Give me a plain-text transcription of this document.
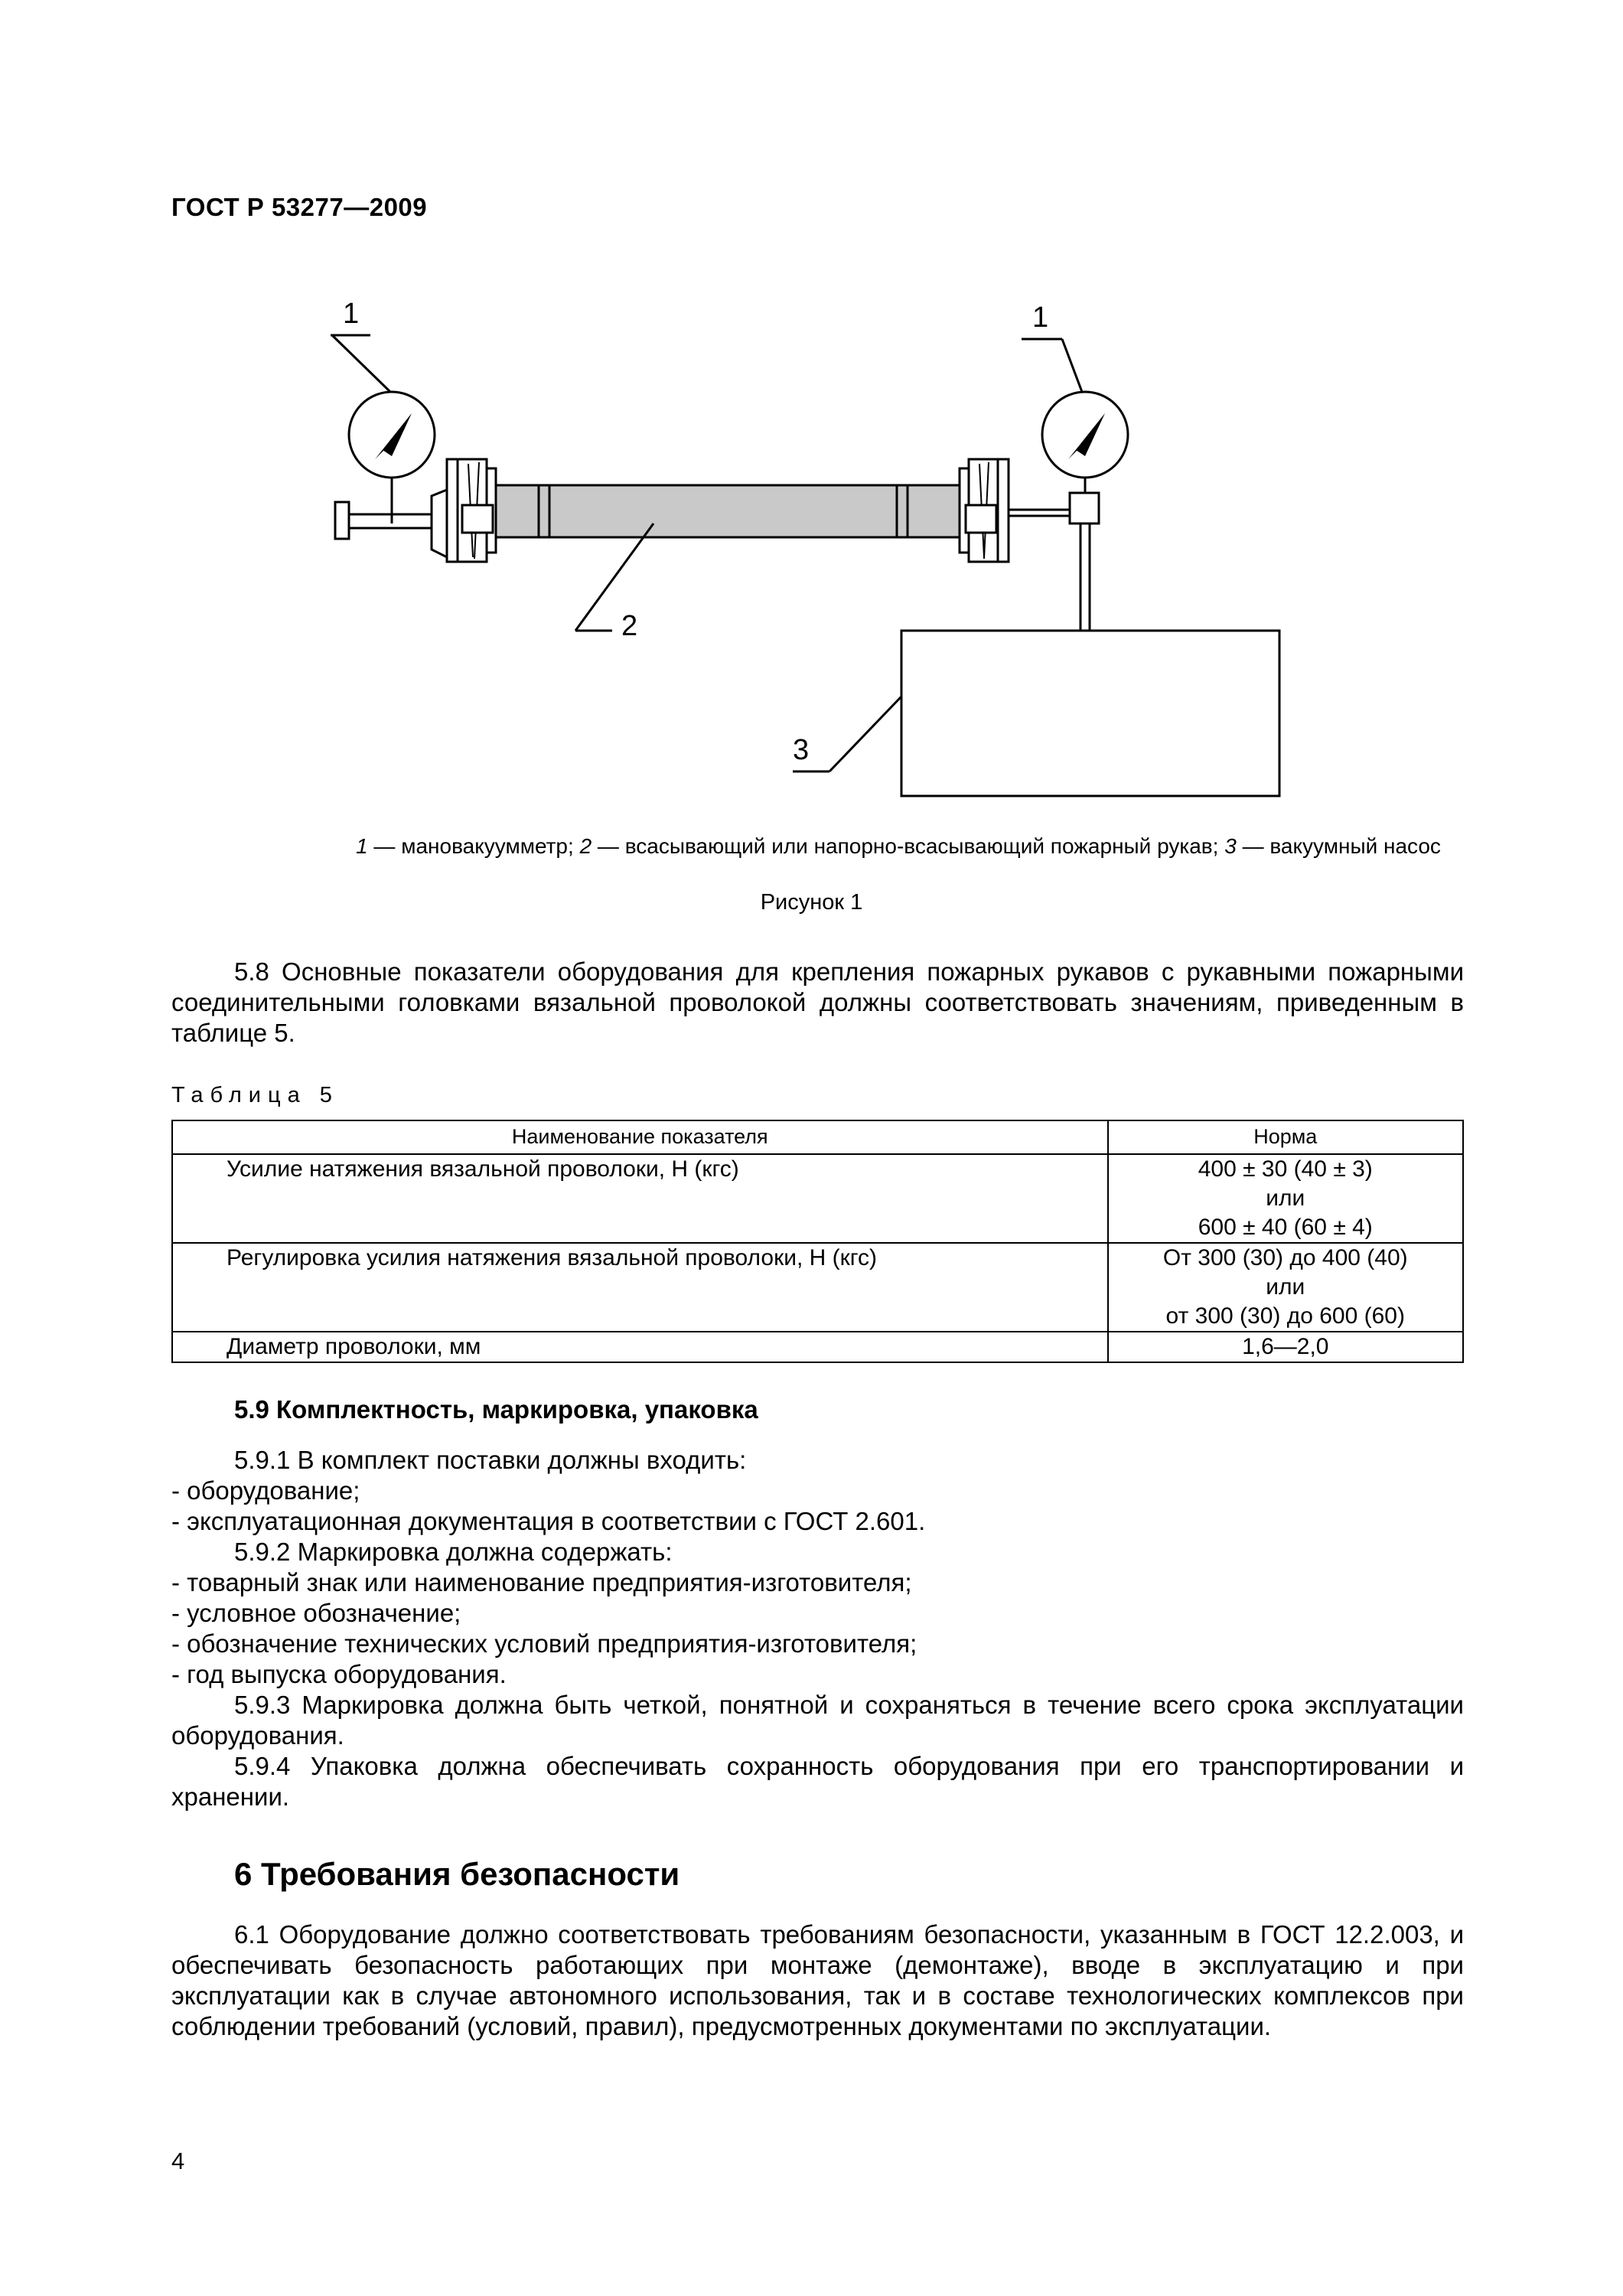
ГОСТ Р 53277—2009
1	1
2
3
1 — мановакуумметр; 2 — всасывающий или напорно-всасывающий пожарный рукав; 3 — вакуумный насос
Рисунок 1

5.8 Основные показатели оборудования для крепления пожарных рукавов с рукавными пожарными соединительными головками вязальной проволокой должны соответствовать значениям, приведенным в таблице 5.

Таблица 5
Наименование показателя	Норма
Усилие натяжения вязальной проволоки, Н (кгс)	400 ± 30 (40 ± 3)
или
600 ± 40 (60 ± 4)

Регулировка усилия натяжения вязальной проволоки, Н (кгс)	От 300 (30) до 400 (40)
или
от 300 (30) до 600 (60)

Диаметр проволоки, мм	1,6—2,0
5.9 Комплектность, маркировка, упаковка

5.9.1 В комплект поставки должны входить:

- оборудование;

- эксплуатационная документация в соответствии с ГОСТ 2.601.

5.9.2 Маркировка должна содержать:

- товарный знак или наименование предприятия-изготовителя;

- условное обозначение;

- обозначение технических условий предприятия-изготовителя;

- год выпуска оборудования.

5.9.3 Маркировка должна быть четкой, понятной и сохраняться в течение всего срока эксплуатации оборудования.

5.9.4 Упаковка должна обеспечивать сохранность оборудования при его транспортировании и хранении.

6 Требования безопасности

6.1 Оборудование должно соответствовать требованиям безопасности, указанным в ГОСТ 12.2.003, и обеспечивать безопасность работающих при монтаже (демонтаже), вводе в эксплуатацию и при эксплуатации как в случае автономного использования, так и в составе технологических комплексов при соблюдении требований (условий, правил), предусмотренных документами по эксплуатации.

4
